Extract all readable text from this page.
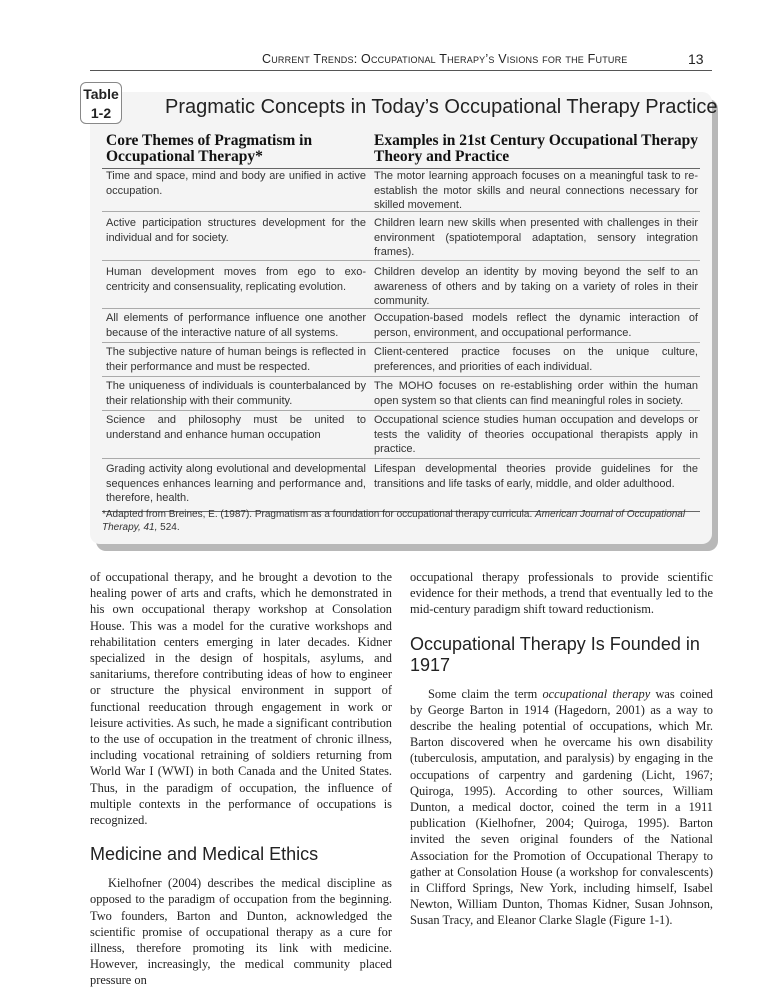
Current Trends: Occupational Therapy’s Visions for the Future	13
Table
1-2	Pragmatic Concepts in Today’s Occupational Therapy Practice
Core Themes of Pragmatism in Occupational Therapy*
Examples in 21st Century Occupational Therapy Theory and Practice
Time and space, mind and body are unified in active occupation.
The motor learning approach focuses on a meaningful task to re-establish the motor skills and neural connections necessary for skilled movement.
Active participation structures development for the individual and for society.
Children learn new skills when presented with challenges in their environment (spatiotemporal adaptation, sensory integration frames).
Human development moves from ego to exo-centricity and consensuality, replicating evolution.
Children develop an identity by moving beyond the self to an awareness of others and by taking on a variety of roles in their community.
All elements of performance influence one another because of the interactive nature of all systems.
Occupation-based models reflect the dynamic interaction of person, environment, and occupational performance.
The subjective nature of human beings is reflected in their performance and must be respected.
Client-centered practice focuses on the unique culture, preferences, and priorities of each individual.
The uniqueness of individuals is counterbalanced by their relationship with their community.
The MOHO focuses on re-establishing order within the human open system so that clients can find meaningful roles in society.
Science and philosophy must be united to understand and enhance human occupation
Occupational science studies human occupation and develops or tests the validity of theories occupational therapists apply in practice.
Grading activity along evolutional and developmental sequences enhances learning and performance and, therefore, health.
Lifespan developmental theories provide guidelines for the transitions and life tasks of early, middle, and older adulthood.
*Adapted from Breines, E. (1987). Pragmatism as a foundation for occupational therapy curricula. American Journal of Occupational Therapy, 41, 524.

of occupational therapy, and he brought a devotion to the healing power of arts and crafts, which he demonstrated in his own occupational therapy workshop at Consolation House. This was a model for the curative workshops and rehabilitation centers emerging in later decades. Kidner specialized in the design of hospitals, asylums, and sanitariums, therefore contributing ideas of how to engineer or structure the physical environment in support of functional reeducation through engagement in work or leisure activities. As such, he made a significant contribution to the use of occupation in the treatment of chronic illness, including vocational retraining of soldiers returning from World War I (WWI) in both Canada and the United States. Thus, in the paradigm of occupation, the influence of multiple contexts in the performance of occupations is recognized.

Medicine and Medical Ethics

Kielhofner (2004) describes the medical discipline as opposed to the paradigm of occupation from the beginning. Two founders, Barton and Dunton, acknowledged the scientific promise of occupational therapy as a cure for illness, therefore promoting its link with medicine. However, increasingly, the medical community placed pressure on

occupational therapy professionals to provide scientific evidence for their methods, a trend that eventually led to the mid-century paradigm shift toward reductionism.

Occupational Therapy Is Founded in 1917

Some claim the term occupational therapy was coined by George Barton in 1914 (Hagedorn, 2001) as a way to describe the healing potential of occupations, which Mr. Barton discovered when he overcame his own disability (tuberculosis, amputation, and paralysis) by engaging in the occupations of carpentry and gardening (Licht, 1967; Quiroga, 1995). According to other sources, William Dunton, a medical doctor, coined the term in a 1911 publication (Kielhofner, 2004; Quiroga, 1995). Barton invited the seven original founders of the National Association for the Promotion of Occupational Therapy to gather at Consolation House (a workshop for convalescents) in Clifford Springs, New York, including himself, Isabel Newton, William Dunton, Thomas Kidner, Susan Johnson, Susan Tracy, and Eleanor Clarke Slagle (Figure 1-1).
